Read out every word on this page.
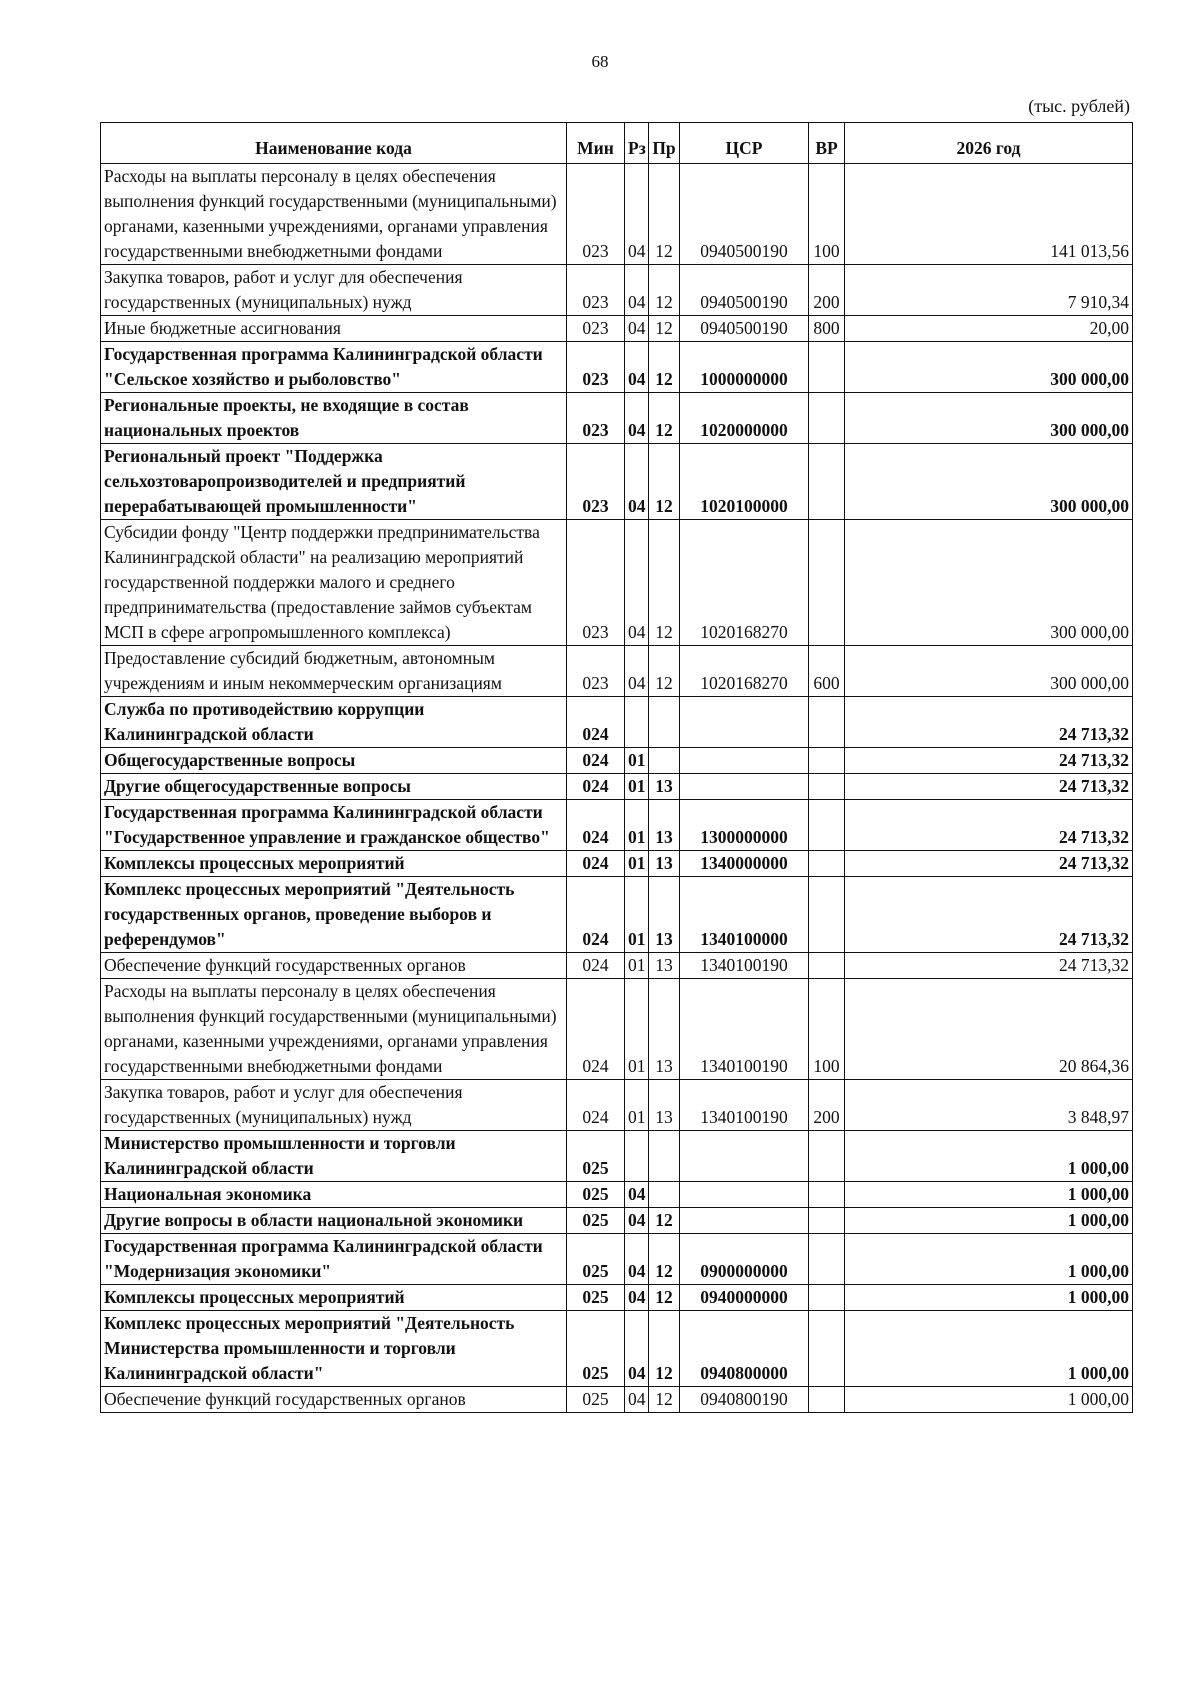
68
(тыс. рублей)
Наименование кода	Мин	Рз	Пр	ЦСР	ВР	2026 год
Расходы на выплаты персоналу в целях обеспечения выполнения функций государственными (муниципальными) органами, казенными учреждениями, органами управления государственными внебюджетными фондами	023	04	12	0940500190	100	141 013,56
Закупка товаров, работ и услуг для обеспечения государственных (муниципальных) нужд	023	04	12	0940500190	200	7 910,34
Иные бюджетные ассигнования	023	04	12	0940500190	800	20,00
Государственная программа Калининградской области "Сельское хозяйство и рыболовство"	023	04	12	1000000000		300 000,00
Региональные проекты, не входящие в состав национальных проектов	023	04	12	1020000000		300 000,00
Региональный проект "Поддержка сельхозтоваропроизводителей и предприятий перерабатывающей промышленности"	023	04	12	1020100000		300 000,00
Субсидии фонду "Центр поддержки предпринимательства Калининградской области" на реализацию мероприятий государственной поддержки малого и среднего предпринимательства (предоставление займов субъектам МСП в сфере агропромышленного комплекса)	023	04	12	1020168270		300 000,00
Предоставление субсидий бюджетным, автономным учреждениям и иным некоммерческим организациям	023	04	12	1020168270	600	300 000,00
Служба по противодействию коррупции Калининградской области	024					24 713,32
Общегосударственные вопросы	024	01				24 713,32
Другие общегосударственные вопросы	024	01	13			24 713,32
Государственная программа Калининградской области "Государственное управление и гражданское общество"	024	01	13	1300000000		24 713,32
Комплексы процессных мероприятий	024	01	13	1340000000		24 713,32
Комплекс процессных мероприятий "Деятельность государственных органов, проведение выборов и референдумов"	024	01	13	1340100000		24 713,32
Обеспечение функций государственных органов	024	01	13	1340100190		24 713,32
Расходы на выплаты персоналу в целях обеспечения выполнения функций государственными (муниципальными) органами, казенными учреждениями, органами управления государственными внебюджетными фондами	024	01	13	1340100190	100	20 864,36
Закупка товаров, работ и услуг для обеспечения государственных (муниципальных) нужд	024	01	13	1340100190	200	3 848,97
Министерство промышленности и торговли Калининградской области	025					1 000,00
Национальная экономика	025	04				1 000,00
Другие вопросы в области национальной экономики	025	04	12			1 000,00
Государственная программа Калининградской области "Модернизация экономики"	025	04	12	0900000000		1 000,00
Комплексы процессных мероприятий	025	04	12	0940000000		1 000,00
Комплекс процессных мероприятий "Деятельность Министерства промышленности и торговли Калининградской области"	025	04	12	0940800000		1 000,00
Обеспечение функций государственных органов	025	04	12	0940800190		1 000,00
